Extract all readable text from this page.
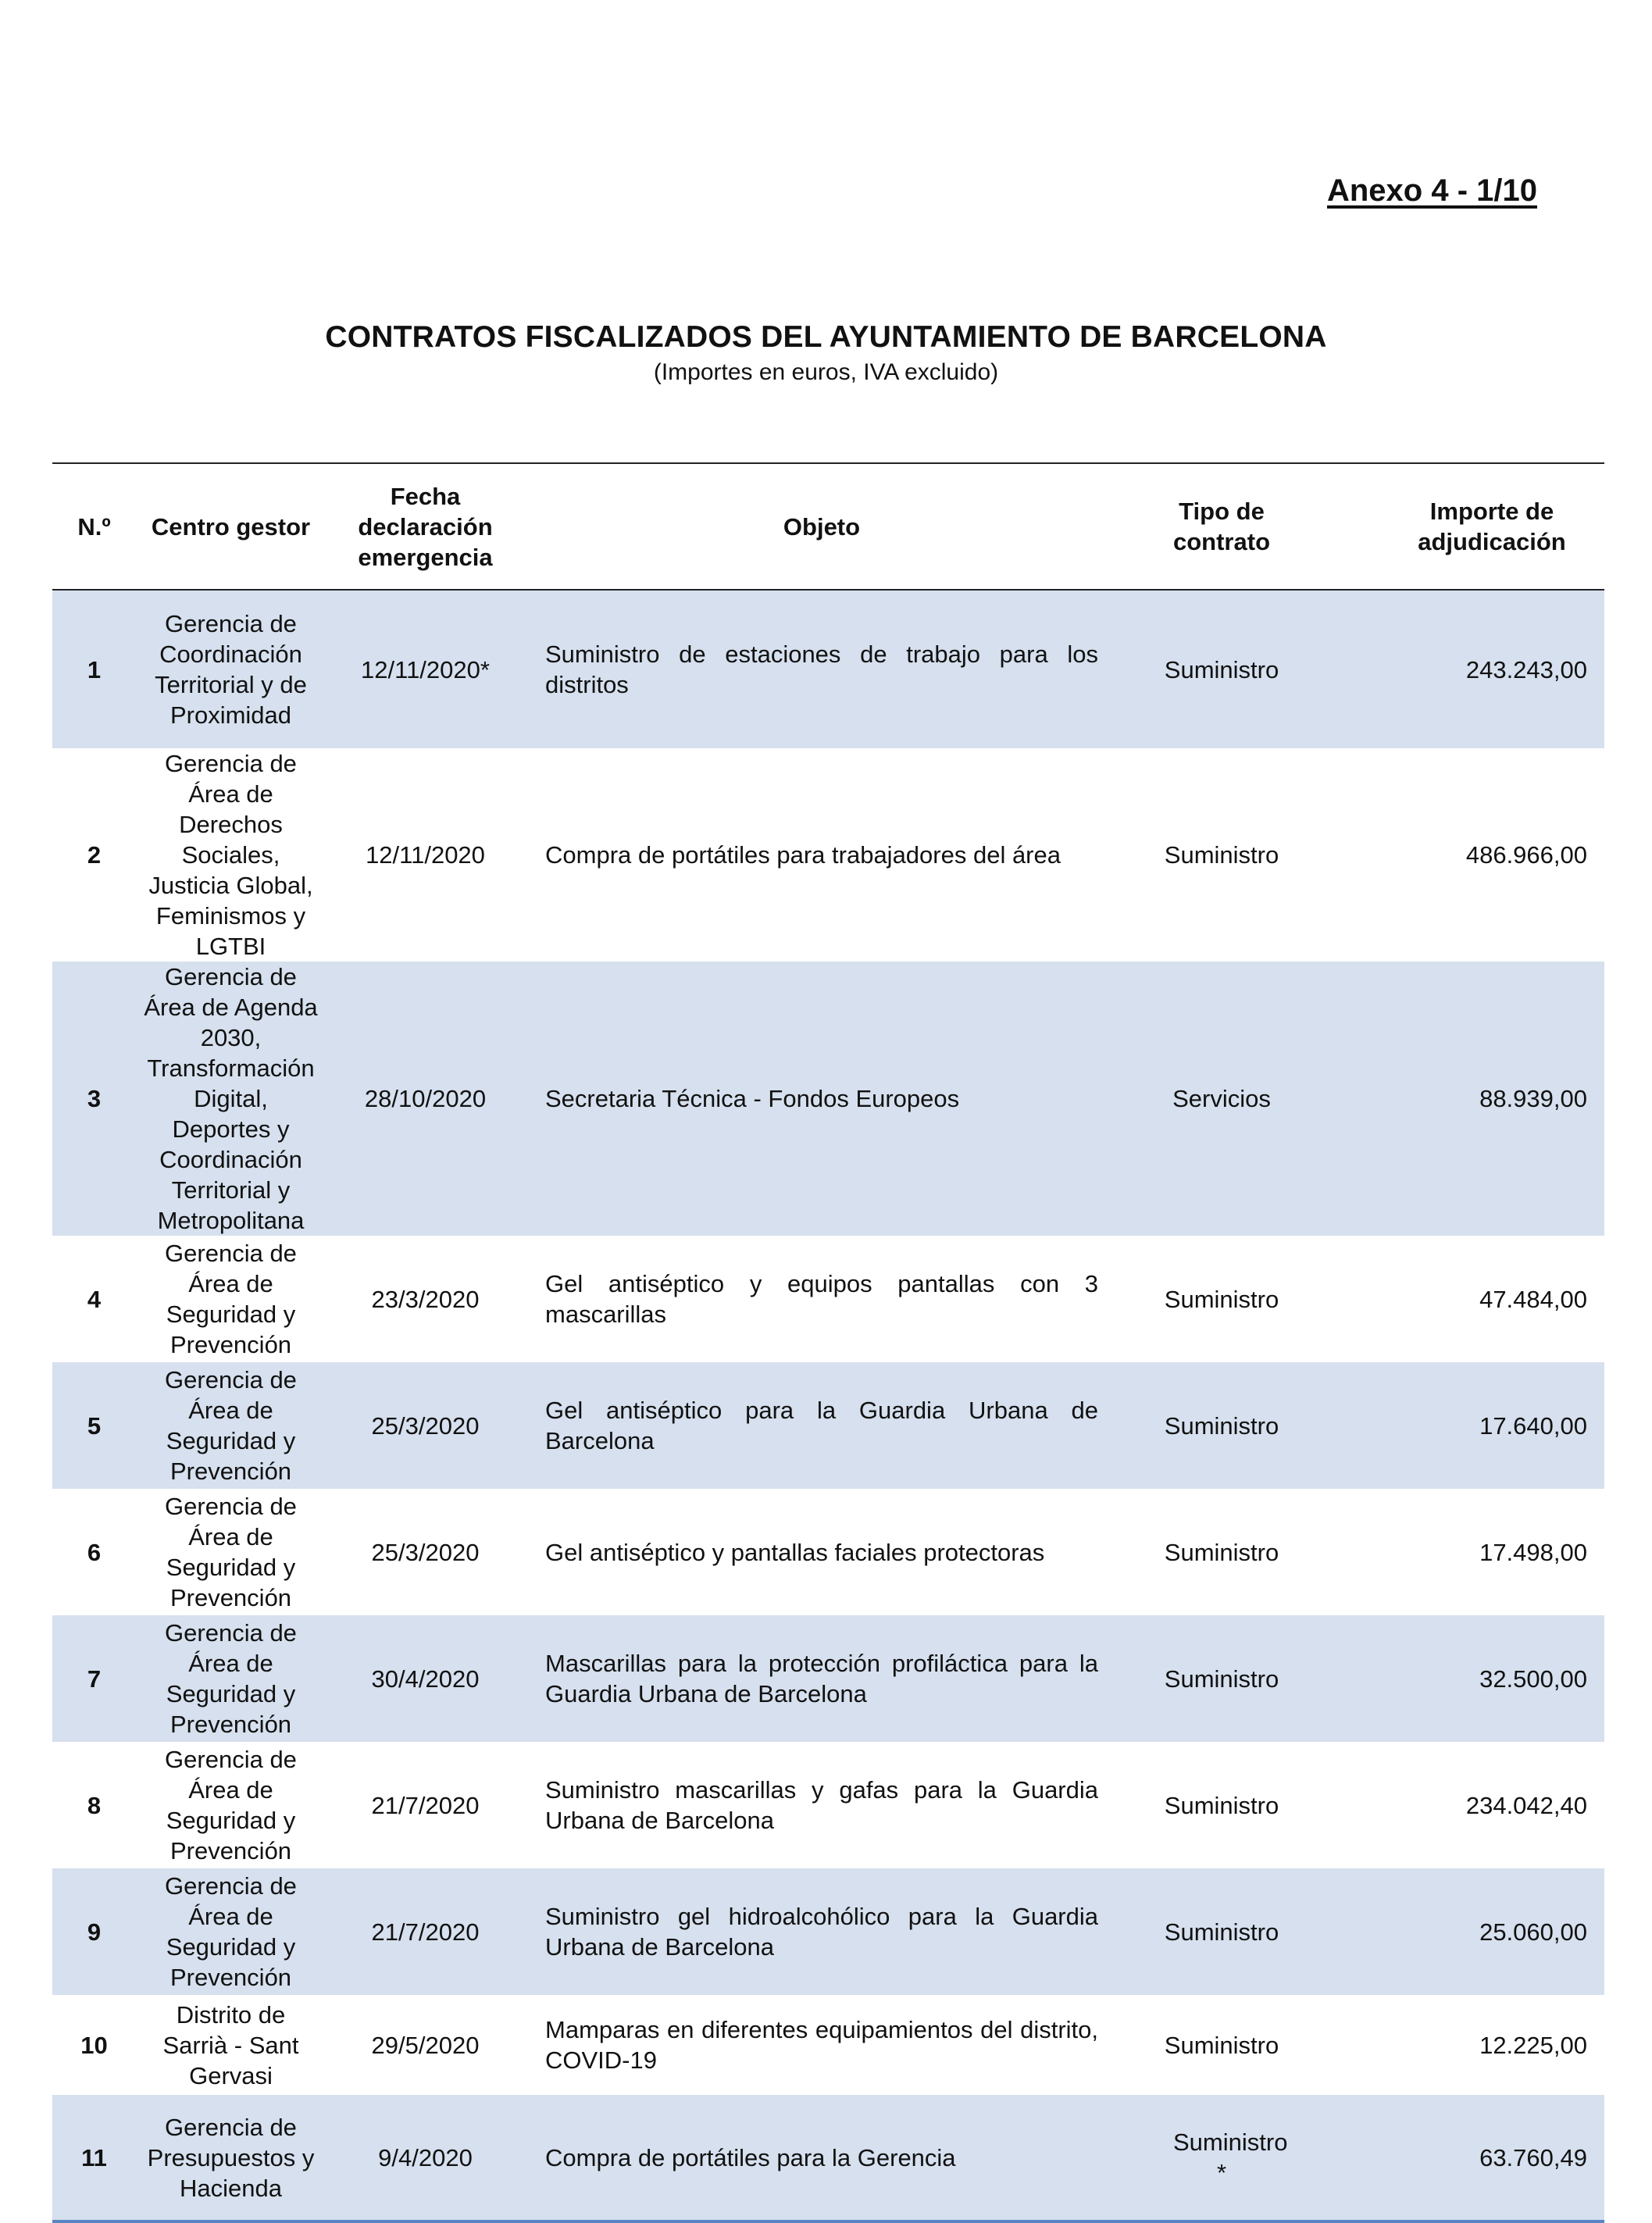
Anexo 4 - 1/10
CONTRATOS FISCALIZADOS DEL AYUNTAMIENTO DE BARCELONA
(Importes en euros, IVA excluido)
N.º	Centro gestor	Fecha declaración emergencia	Objeto	Tipo de contrato	Importe de adjudicación
1	Gerencia de Coordinación Territorial y de Proximidad	12/11/2020*	Suministro de estaciones de trabajo para los distritos	Suministro	243.243,00
2	Gerencia de Área de Derechos Sociales, Justicia Global, Feminismos y LGTBI	12/11/2020	Compra de portátiles para trabajadores del área	Suministro	486.966,00
3	Gerencia de Área de Agenda 2030, Transformación Digital, Deportes y Coordinación Territorial y Metropolitana	28/10/2020	Secretaria Técnica - Fondos Europeos	Servicios	88.939,00
4	Gerencia de Área de Seguridad y Prevención	23/3/2020	Gel antiséptico y equipos pantallas con 3 mascarillas	Suministro	47.484,00
5	Gerencia de Área de Seguridad y Prevención	25/3/2020	Gel antiséptico para la Guardia Urbana de Barcelona	Suministro	17.640,00
6	Gerencia de Área de Seguridad y Prevención	25/3/2020	Gel antiséptico y pantallas faciales protectoras	Suministro	17.498,00
7	Gerencia de Área de Seguridad y Prevención	30/4/2020	Mascarillas para la protección profiláctica para la Guardia Urbana de Barcelona	Suministro	32.500,00
8	Gerencia de Área de Seguridad y Prevención	21/7/2020	Suministro mascarillas y gafas para la Guardia Urbana de Barcelona	Suministro	234.042,40
9	Gerencia de Área de Seguridad y Prevención	21/7/2020	Suministro gel hidroalcohólico para la Guardia Urbana de Barcelona	Suministro	25.060,00
10	Distrito de Sarrià - Sant Gervasi	29/5/2020	Mamparas en diferentes equipamientos del distrito, COVID-19	Suministro	12.225,00
11	Gerencia de Presupuestos y Hacienda	9/4/2020	Compra de portátiles para la Gerencia	Suministro *	63.760,49
